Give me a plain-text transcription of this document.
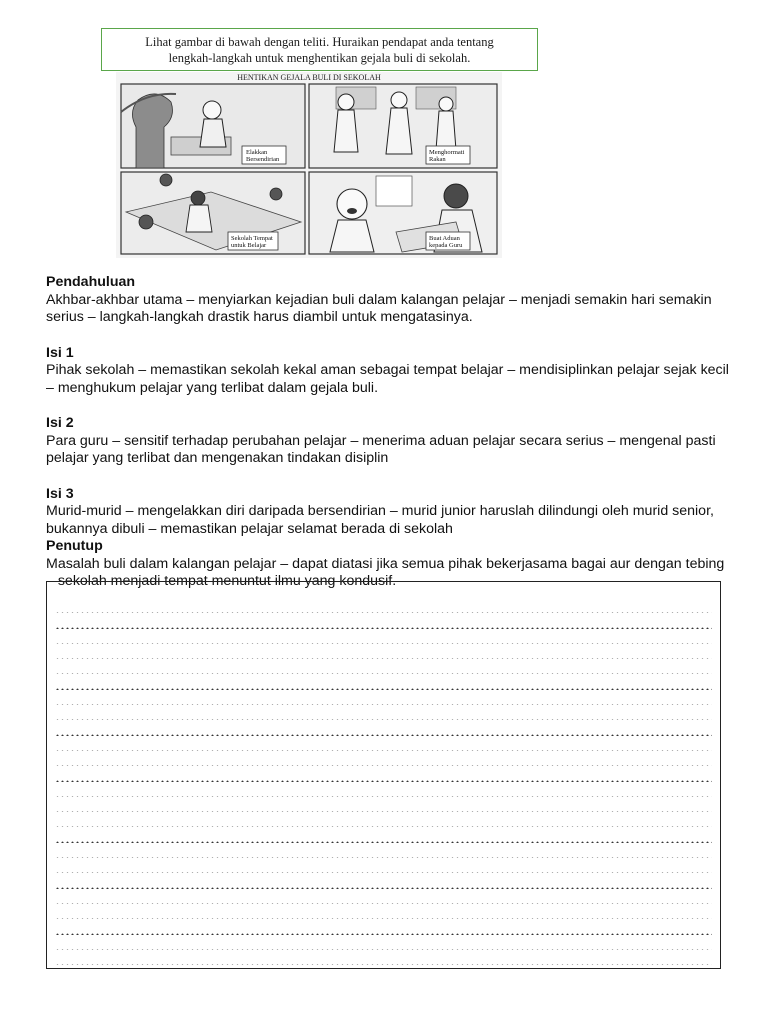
Lihat gambar di bawah dengan teliti. Huraikan pendapat anda tentang
lengkah-langkah untuk menghentikan gejala buli di sekolah.
HENTIKAN GEJALA BULI DI SEKOLAH
Elakkan
Bersendirian
Menghormati
Rakan
Sekolah Tempat
untuk Belajar
Buat Aduan
kepada Guru

Pendahuluan

Akhbar-akhbar utama – menyiarkan kejadian buli dalam kalangan pelajar – menjadi semakin hari semakin serius – langkah-langkah drastik harus diambil untuk mengatasinya.

Isi 1

Pihak sekolah – memastikan sekolah kekal aman sebagai tempat belajar – mendisiplinkan pelajar sejak kecil – menghukum pelajar yang terlibat dalam gejala buli.

Isi 2

Para guru – sensitif terhadap perubahan pelajar – menerima aduan pelajar secara serius – mengenal pasti pelajar yang terlibat dan mengenakan tindakan disiplin

Isi 3

Murid-murid – mengelakkan diri daripada bersendirian – murid junior haruslah dilindungi oleh murid senior, bukannya dibuli – memastikan pelajar selamat berada di sekolah

Penutup

Masalah buli dalam kalangan pelajar – dapat diatasi jika semua pihak bekerjasama bagai aur dengan tebing – sekolah menjadi tempat menuntut ilmu yang kondusif.
